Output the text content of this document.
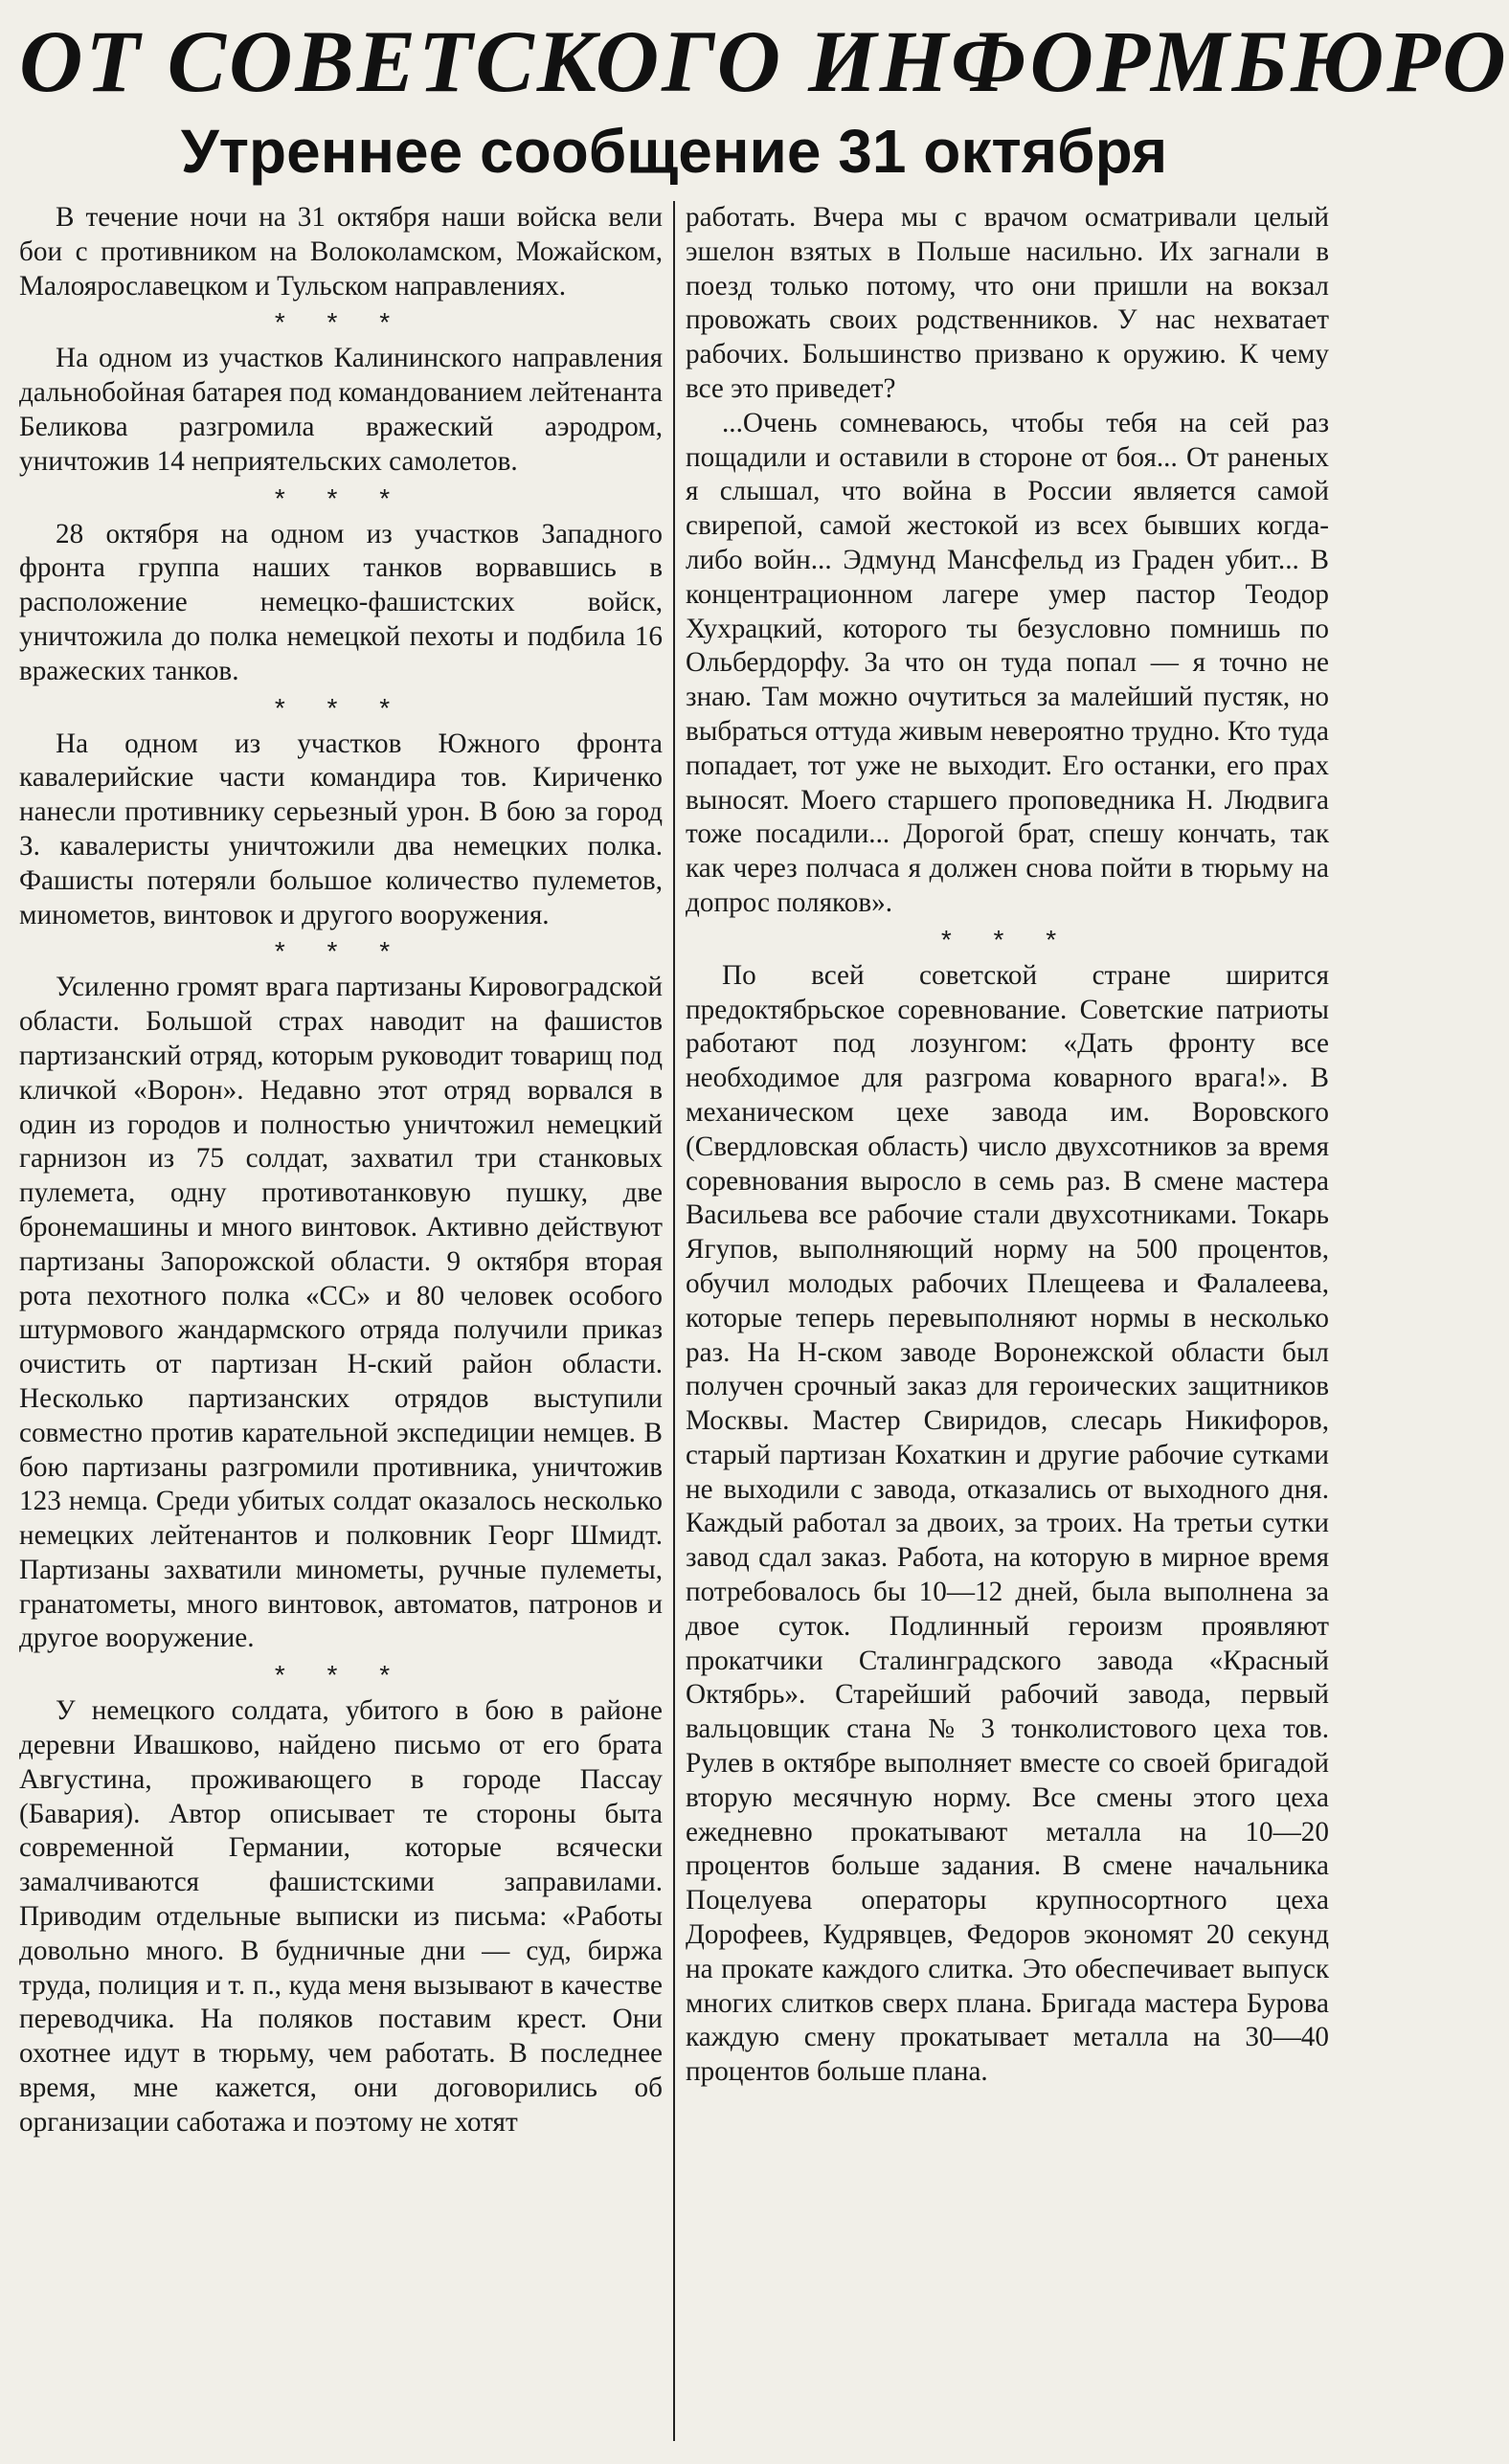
ОТ СОВЕТСКОГО ИНФОРМБЮРО
Утреннее сообщение 31 октября

В течение ночи на 31 октября наши войска вели бои с противником на Волоколамском, Можайском, Малоярославецком и Тульском направлениях.

* * *

На одном из участков Калининского направления дальнобойная батарея под командованием лейтенанта Беликова разгромила вражеский аэродром, уничтожив 14 неприятельских самолетов.

* * *

28 октября на одном из участков Западного фронта группа наших танков ворвавшись в расположение немецко-фашистских войск, уничтожила до полка немецкой пехоты и подбила 16 вражеских танков.

* * *

На одном из участков Южного фронта кавалерийские части командира тов. Кириченко нанесли противнику серьезный урон. В бою за город З. кавалеристы уничтожили два немецких полка. Фашисты потеряли большое количество пулеметов, минометов, винтовок и другого вооружения.

* * *

Усиленно громят врага партизаны Кировоградской области. Большой страх наводит на фашистов партизанский отряд, которым руководит товарищ под кличкой «Ворон». Недавно этот отряд ворвался в один из городов и полностью уничтожил немецкий гарнизон из 75 солдат, захватил три станковых пулемета, одну противотанковую пушку, две бронемашины и много винтовок. Активно действуют партизаны Запорожской области. 9 октября вторая рота пехотного полка «СС» и 80 человек особого штурмового жандармского отряда получили приказ очистить от партизан Н-ский район области. Несколько партизанских отрядов выступили совместно против карательной экспедиции немцев. В бою партизаны разгромили противника, уничтожив 123 немца. Среди убитых солдат оказалось несколько немецких лейтенантов и полковник Георг Шмидт. Партизаны захватили минометы, ручные пулеметы, гранатометы, много винтовок, автоматов, патронов и другое вооружение.

* * *

У немецкого солдата, убитого в бою в районе деревни Ивашково, найдено письмо от его брата Августина, проживающего в городе Пассау (Бавария). Автор описывает те стороны быта современной Германии, которые всячески замалчиваются фашистскими заправилами. Приводим отдельные выписки из письма: «Работы довольно много. В будничные дни — суд, биржа труда, полиция и т. п., куда меня вызывают в качестве переводчика. На поляков поставим крест. Они охотнее идут в тюрьму, чем работать. В последнее время, мне кажется, они договорились об организации саботажа и поэтому не хотят

работать. Вчера мы с врачом осматривали целый эшелон взятых в Польше насильно. Их загнали в поезд только потому, что они пришли на вокзал провожать своих родственников. У нас нехватает рабочих. Большинство призвано к оружию. К чему все это приведет?

...Очень сомневаюсь, чтобы тебя на сей раз пощадили и оставили в стороне от боя... От раненых я слышал, что война в России является самой свирепой, самой жестокой из всех бывших когда-либо войн... Эдмунд Мансфельд из Граден убит... В концентрационном лагере умер пастор Теодор Хухрацкий, которого ты безусловно помнишь по Ольбердорфу. За что он туда попал — я точно не знаю. Там можно очутиться за малейший пустяк, но выбраться оттуда живым невероятно трудно. Кто туда попадает, тот уже не выходит. Его останки, его прах выносят. Моего старшего проповедника Н. Людвига тоже посадили... Дорогой брат, спешу кончать, так как через полчаса я должен снова пойти в тюрьму на допрос поляков».

* * *

По всей советской стране ширится предоктябрьское соревнование. Советские патриоты работают под лозунгом: «Дать фронту все необходимое для разгрома коварного врага!». В механическом цехе завода им. Воровского (Свердловская область) число двухсотников за время соревнования выросло в семь раз. В смене мастера Васильева все рабочие стали двухсотниками. Токарь Ягупов, выполняющий норму на 500 процентов, обучил молодых рабочих Плещеева и Фалалеева, которые теперь перевыполняют нормы в несколько раз. На Н-ском заводе Воронежской области был получен срочный заказ для героических защитников Москвы. Мастер Свиридов, слесарь Никифоров, старый партизан Кохаткин и другие рабочие сутками не выходили с завода, отказались от выходного дня. Каждый работал за двоих, за троих. На третьи сутки завод сдал заказ. Работа, на которую в мирное время потребовалось бы 10—12 дней, была выполнена за двое суток. Подлинный героизм проявляют прокатчики Сталинградского завода «Красный Октябрь». Старейший рабочий завода, первый вальцовщик стана № 3 тонколистового цеха тов. Рулев в октябре выполняет вместе со своей бригадой вторую месячную норму. Все смены этого цеха ежедневно прокатывают металла на 10—20 процентов больше задания. В смене начальника Поцелуева операторы крупносортного цеха Дорофеев, Кудрявцев, Федоров экономят 20 секунд на прокате каждого слитка. Это обеспечивает выпуск многих слитков сверх плана. Бригада мастера Бурова каждую смену прокатывает металла на 30—40 процентов больше плана.
